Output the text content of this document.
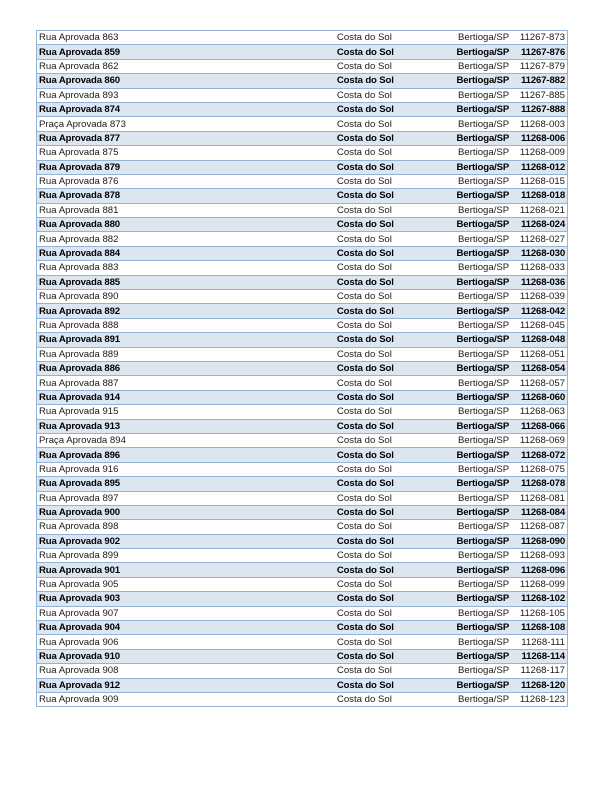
Rua Aprovada 863	Costa do Sol	Bertioga/SP	11267-873
Rua Aprovada 859	Costa do Sol	Bertioga/SP	11267-876
Rua Aprovada 862	Costa do Sol	Bertioga/SP	11267-879
Rua Aprovada 860	Costa do Sol	Bertioga/SP	11267-882
Rua Aprovada 893	Costa do Sol	Bertioga/SP	11267-885
Rua Aprovada 874	Costa do Sol	Bertioga/SP	11267-888
Praça Aprovada 873	Costa do Sol	Bertioga/SP	11268-003
Rua Aprovada 877	Costa do Sol	Bertioga/SP	11268-006
Rua Aprovada 875	Costa do Sol	Bertioga/SP	11268-009
Rua Aprovada 879	Costa do Sol	Bertioga/SP	11268-012
Rua Aprovada 876	Costa do Sol	Bertioga/SP	11268-015
Rua Aprovada 878	Costa do Sol	Bertioga/SP	11268-018
Rua Aprovada 881	Costa do Sol	Bertioga/SP	11268-021
Rua Aprovada 880	Costa do Sol	Bertioga/SP	11268-024
Rua Aprovada 882	Costa do Sol	Bertioga/SP	11268-027
Rua Aprovada 884	Costa do Sol	Bertioga/SP	11268-030
Rua Aprovada 883	Costa do Sol	Bertioga/SP	11268-033
Rua Aprovada 885	Costa do Sol	Bertioga/SP	11268-036
Rua Aprovada 890	Costa do Sol	Bertioga/SP	11268-039
Rua Aprovada 892	Costa do Sol	Bertioga/SP	11268-042
Rua Aprovada 888	Costa do Sol	Bertioga/SP	11268-045
Rua Aprovada 891	Costa do Sol	Bertioga/SP	11268-048
Rua Aprovada 889	Costa do Sol	Bertioga/SP	11268-051
Rua Aprovada 886	Costa do Sol	Bertioga/SP	11268-054
Rua Aprovada 887	Costa do Sol	Bertioga/SP	11268-057
Rua Aprovada 914	Costa do Sol	Bertioga/SP	11268-060
Rua Aprovada 915	Costa do Sol	Bertioga/SP	11268-063
Rua Aprovada 913	Costa do Sol	Bertioga/SP	11268-066
Praça Aprovada 894	Costa do Sol	Bertioga/SP	11268-069
Rua Aprovada 896	Costa do Sol	Bertioga/SP	11268-072
Rua Aprovada 916	Costa do Sol	Bertioga/SP	11268-075
Rua Aprovada 895	Costa do Sol	Bertioga/SP	11268-078
Rua Aprovada 897	Costa do Sol	Bertioga/SP	11268-081
Rua Aprovada 900	Costa do Sol	Bertioga/SP	11268-084
Rua Aprovada 898	Costa do Sol	Bertioga/SP	11268-087
Rua Aprovada 902	Costa do Sol	Bertioga/SP	11268-090
Rua Aprovada 899	Costa do Sol	Bertioga/SP	11268-093
Rua Aprovada 901	Costa do Sol	Bertioga/SP	11268-096
Rua Aprovada 905	Costa do Sol	Bertioga/SP	11268-099
Rua Aprovada 903	Costa do Sol	Bertioga/SP	11268-102
Rua Aprovada 907	Costa do Sol	Bertioga/SP	11268-105
Rua Aprovada 904	Costa do Sol	Bertioga/SP	11268-108
Rua Aprovada 906	Costa do Sol	Bertioga/SP	11268-111
Rua Aprovada 910	Costa do Sol	Bertioga/SP	11268-114
Rua Aprovada 908	Costa do Sol	Bertioga/SP	11268-117
Rua Aprovada 912	Costa do Sol	Bertioga/SP	11268-120
Rua Aprovada 909	Costa do Sol	Bertioga/SP	11268-123
